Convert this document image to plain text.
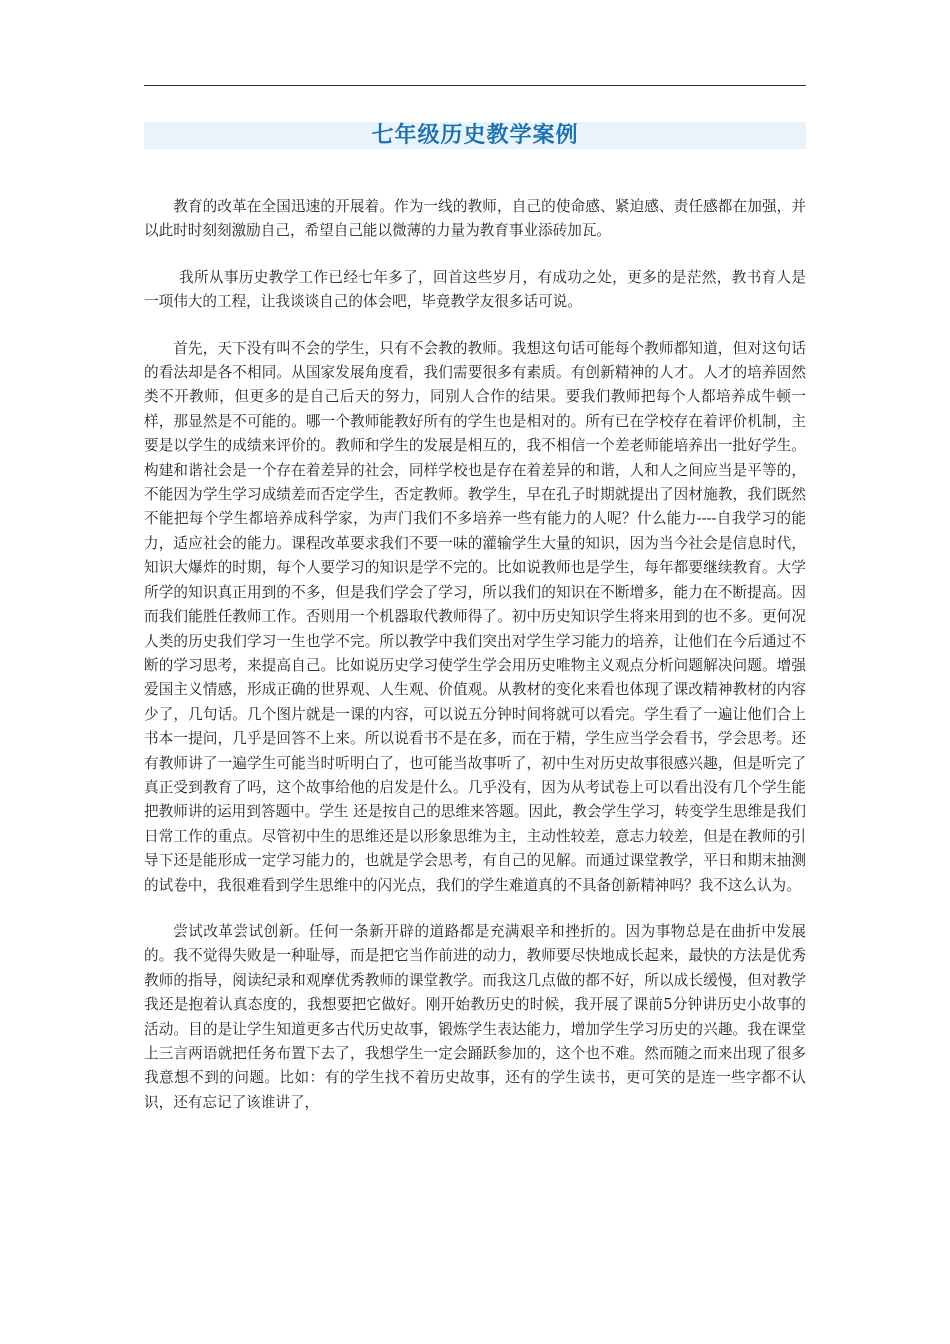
七年级历史教学案例

教育的改革在全国迅速的开展着。作为一线的教师，自己的使命感、紧迫感、责任感都在加强，并以此时时刻刻激励自己，希望自己能以微薄的力量为教育事业添砖加瓦。

我所从事历史教学工作已经七年多了，回首这些岁月，有成功之处，更多的是茫然，教书育人是一项伟大的工程，让我谈谈自己的体会吧，毕竟教学友很多话可说。

首先，天下没有叫不会的学生，只有不会教的教师。我想这句话可能每个教师都知道，但对这句话的看法却是各不相同。从国家发展角度看，我们需要很多有素质。有创新精神的人才。人才的培养固然类不开教师，但更多的是自己后天的努力，同别人合作的结果。要我们教师把每个人都培养成牛顿一样，那显然是不可能的。哪一个教师能教好所有的学生也是相对的。所有已在学校存在着评价机制，主要是以学生的成绩来评价的。教师和学生的发展是相互的，我不相信一个差老师能培养出一批好学生。构建和谐社会是一个存在着差异的社会，同样学校也是存在着差异的和谐，人和人之间应当是平等的，不能因为学生学习成绩差而否定学生，否定教师。教学生，早在孔子时期就提出了因材施教，我们既然不能把每个学生都培养成科学家，为声门我们不多培养一些有能力的人呢？什么能力----自我学习的能力，适应社会的能力。课程改革要求我们不要一味的灌输学生大量的知识，因为当今社会是信息时代，知识大爆炸的时期，每个人要学习的知识是学不完的。比如说教师也是学生，每年都要继续教育。大学所学的知识真正用到的不多，但是我们学会了学习，所以我们的知识在不断增多，能力在不断提高。因而我们能胜任教师工作。否则用一个机器取代教师得了。初中历史知识学生将来用到的也不多。更何况人类的历史我们学习一生也学不完。所以教学中我们突出对学生学习能力的培养，让他们在今后通过不断的学习思考，来提高自己。比如说历史学习使学生学会用历史唯物主义观点分析问题解决问题。增强爱国主义情感，形成正确的世界观、人生观、价值观。从教材的变化来看也体现了课改精神教材的内容少了，几句话。几个图片就是一课的内容，可以说五分钟时间将就可以看完。学生看了一遍让他们合上书本一提问，几乎是回答不上来。所以说看书不是在多，而在于精，学生应当学会看书，学会思考。还有教师讲了一遍学生可能当时听明白了，也可能当故事听了，初中生对历史故事很感兴趣，但是听完了真正受到教育了吗，这个故事给他的启发是什么。几乎没有，因为从考试卷上可以看出没有几个学生能把教师讲的运用到答题中。学生 还是按自己的思维来答题。因此，教会学生学习，转变学生思维是我们日常工作的重点。尽管初中生的思维还是以形象思维为主，主动性较差，意志力较差，但是在教师的引导下还是能形成一定学习能力的，也就是学会思考，有自己的见解。而通过课堂教学，平日和期末抽测的试卷中，我很难看到学生思维中的闪光点，我们的学生难道真的不具备创新精神吗？我不这么认为。

尝试改革尝试创新。任何一条新开辟的道路都是充满艰辛和挫折的。因为事物总是在曲折中发展的。我不觉得失败是一种耻辱，而是把它当作前进的动力，教师要尽快地成长起来，最快的方法是优秀教师的指导，阅读纪录和观摩优秀教师的课堂教学。而我这几点做的都不好，所以成长缓慢，但对教学我还是抱着认真态度的，我想要把它做好。刚开始教历史的时候，我开展了课前5分钟讲历史小故事的活动。目的是让学生知道更多古代历史故事，锻炼学生表达能力，增加学生学习历史的兴趣。我在课堂上三言两语就把任务布置下去了，我想学生一定会踊跃参加的，这个也不难。然而随之而来出现了很多我意想不到的问题。比如：有的学生找不着历史故事，还有的学生读书，更可笑的是连一些字都不认识，还有忘记了该谁讲了，
